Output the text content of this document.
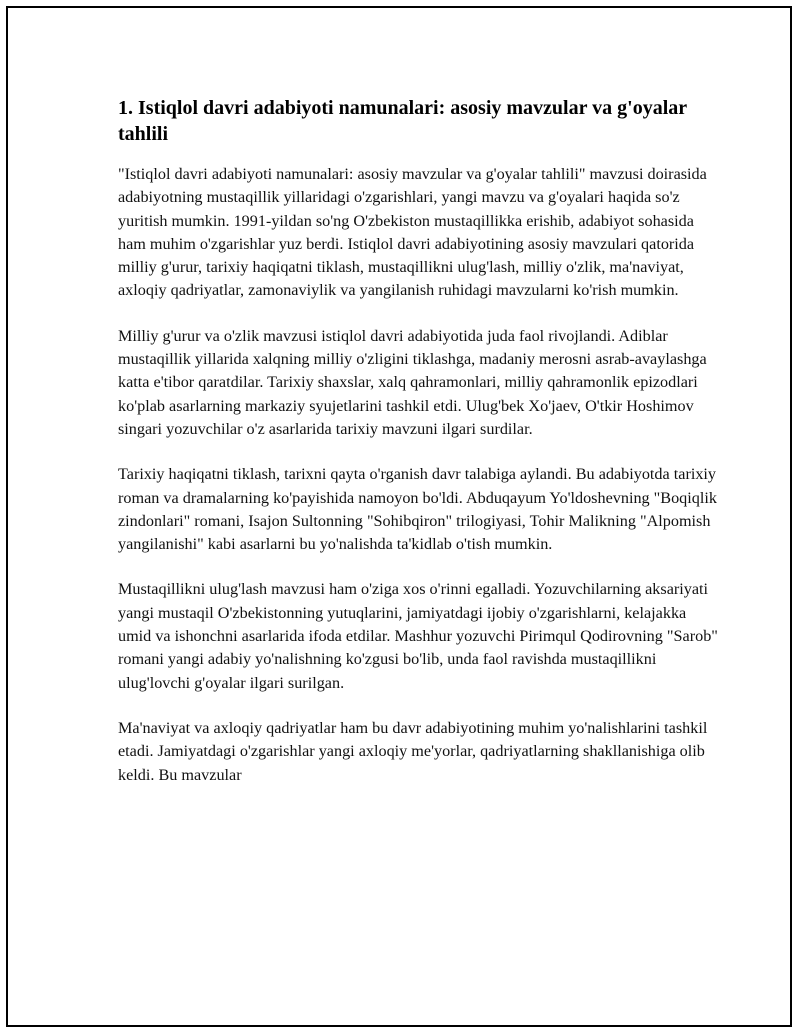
1. Istiqlol davri adabiyoti namunalari: asosiy mavzular va g'oyalar tahlili

"Istiqlol davri adabiyoti namunalari: asosiy mavzular va g'oyalar tahlili" mavzusi doirasida adabiyotning mustaqillik yillaridagi o'zgarishlari, yangi mavzu va g'oyalari haqida so'z yuritish mumkin. 1991-yildan so'ng O'zbekiston mustaqillikka erishib, adabiyot sohasida ham muhim o'zgarishlar yuz berdi. Istiqlol davri adabiyotining asosiy mavzulari qatorida milliy g'urur, tarixiy haqiqatni tiklash, mustaqillikni ulug'lash, milliy o'zlik, ma'naviyat, axloqiy qadriyatlar, zamonaviylik va yangilanish ruhidagi mavzularni ko'rish mumkin.

Milliy g'urur va o'zlik mavzusi istiqlol davri adabiyotida juda faol rivojlandi. Adiblar mustaqillik yillarida xalqning milliy o'zligini tiklashga, madaniy merosni asrab-avaylashga katta e'tibor qaratdilar. Tarixiy shaxslar, xalq qahramonlari, milliy qahramonlik epizodlari ko'plab asarlarning markaziy syujetlarini tashkil etdi. Ulug'bek Xo'jaev, O'tkir Hoshimov singari yozuvchilar o'z asarlarida tarixiy mavzuni ilgari surdilar.

Tarixiy haqiqatni tiklash, tarixni qayta o'rganish davr talabiga aylandi. Bu adabiyotda tarixiy roman va dramalarning ko'payishida namoyon bo'ldi. Abduqayum Yo'ldoshevning "Boqiqlik zindonlari" romani, Isajon Sultonning "Sohibqiron" trilogiyasi, Tohir Malikning "Alpomish yangilanishi" kabi asarlarni bu yo'nalishda ta'kidlab o'tish mumkin.

Mustaqillikni ulug'lash mavzusi ham o'ziga xos o'rinni egalladi. Yozuvchilarning aksariyati yangi mustaqil O'zbekistonning yutuqlarini, jamiyatdagi ijobiy o'zgarishlarni, kelajakka umid va ishonchni asarlarida ifoda etdilar. Mashhur yozuvchi Pirimqul Qodirovning "Sarob" romani yangi adabiy yo'nalishning ko'zgusi bo'lib, unda faol ravishda mustaqillikni ulug'lovchi g'oyalar ilgari surilgan.

Ma'naviyat va axloqiy qadriyatlar ham bu davr adabiyotining muhim yo'nalishlarini tashkil etadi. Jamiyatdagi o'zgarishlar yangi axloqiy me'yorlar, qadriyatlarning shakllanishiga olib keldi. Bu mavzular
